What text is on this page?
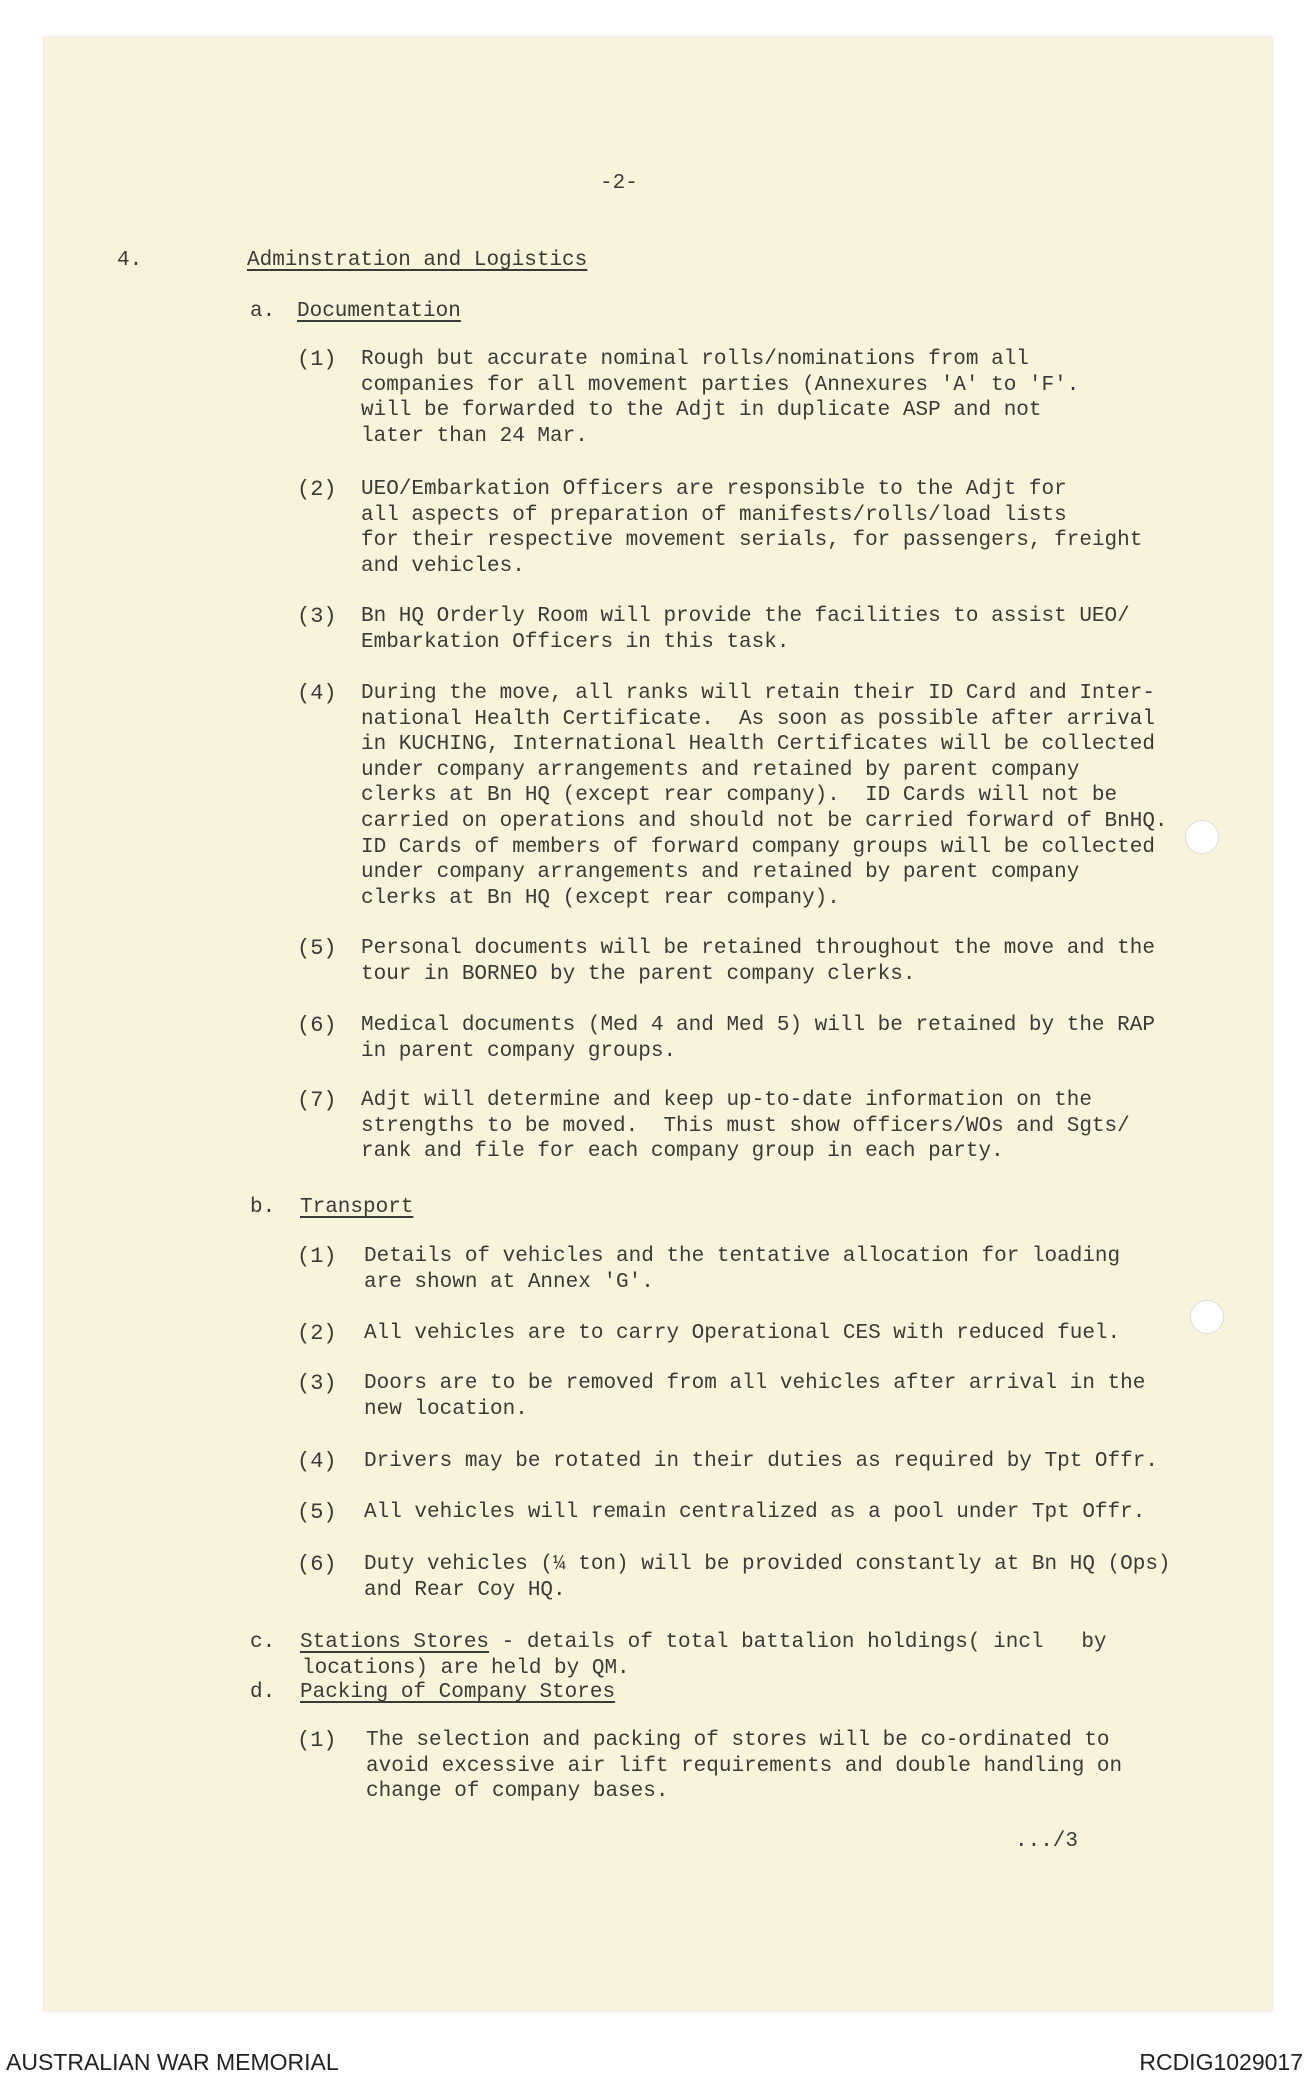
-2-
4.	Adminstration and Logistics
a. Documentation
b. Transport
c. Stations Stores - details of total battalion holdings( incl   by
locations) are held by QM.
d. Packing of Company Stores
.../3
AUSTRALIAN WAR MEMORIAL	RCDIG1029017
(1) Rough but accurate nominal rolls/nominations from all
companies for all movement parties (Annexures 'A' to 'F'.
will be forwarded to the Adjt in duplicate ASP and not
later than 24 Mar.
(2) UEO/Embarkation Officers are responsible to the Adjt for
all aspects of preparation of manifests/rolls/load lists
for their respective movement serials, for passengers, freight
and vehicles.
(3) Bn HQ Orderly Room will provide the facilities to assist UEO/
Embarkation Officers in this task.
(4) During the move, all ranks will retain their ID Card and Inter-
national Health Certificate.  As soon as possible after arrival
in KUCHING, International Health Certificates will be collected
under company arrangements and retained by parent company
clerks at Bn HQ (except rear company).  ID Cards will not be
carried on operations and should not be carried forward of BnHQ.
ID Cards of members of forward company groups will be collected
under company arrangements and retained by parent company
clerks at Bn HQ (except rear company).
(5) Personal documents will be retained throughout the move and the
tour in BORNEO by the parent company clerks.
(6) Medical documents (Med 4 and Med 5) will be retained by the RAP
in parent company groups.
(7) Adjt will determine and keep up-to-date information on the
strengths to be moved.  This must show officers/WOs and Sgts/
rank and file for each company group in each party.
(1) Details of vehicles and the tentative allocation for loading
are shown at Annex 'G'.
(2) All vehicles are to carry Operational CES with reduced fuel.
(3) Doors are to be removed from all vehicles after arrival in the
new location.
(4) Drivers may be rotated in their duties as required by Tpt Offr.
(5) All vehicles will remain centralized as a pool under Tpt Offr.
(6) Duty vehicles (¼ ton) will be provided constantly at Bn HQ (Ops)
and Rear Coy HQ.
(1) The selection and packing of stores will be co-ordinated to
avoid excessive air lift requirements and double handling on
change of company bases.
